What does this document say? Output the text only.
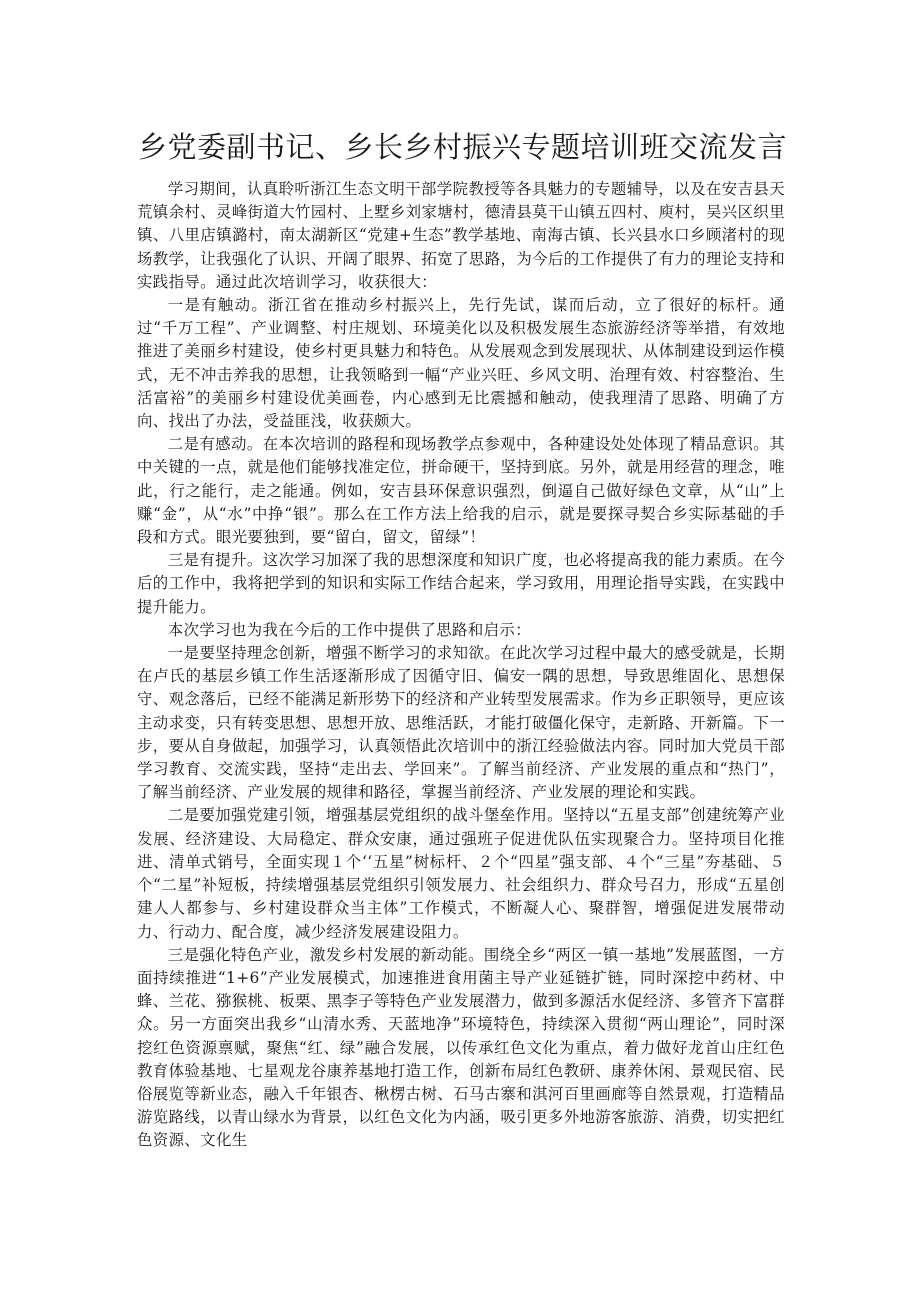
乡党委副书记、乡长乡村振兴专题培训班交流发言

学习期间，认真聆听浙江生态文明干部学院教授等各具魅力的专题辅导，以及在安吉县天荒镇余村、灵峰街道大竹园村、上墅乡刘家塘村，德清县莫干山镇五四村、庾村，吴兴区织里镇、八里店镇潞村，南太湖新区“党建+生态”教学基地、南海古镇、长兴县水口乡顾渚村的现场教学，让我强化了认识、开阔了眼界、拓宽了思路，为今后的工作提供了有力的理论支持和实践指导。通过此次培训学习，收获很大：

一是有触动。浙江省在推动乡村振兴上，先行先试，谋而后动，立了很好的标杆。通过“千万工程”、产业调整、村庄规划、环境美化以及积极发展生态旅游经济等举措，有效地推进了美丽乡村建设，使乡村更具魅力和特色。从发展观念到发展现状、从体制建设到运作模式，无不冲击养我的思想，让我领略到一幅“产业兴旺、乡风文明、治理有效、村容整治、生活富裕”的美丽乡村建设优美画卷，内心感到无比震撼和触动，使我理清了思路、明确了方向、找出了办法，受益匪浅，收获颇大。

二是有感动。在本次培训的路程和现场教学点参观中，各种建设处处体现了精品意识。其中关键的一点，就是他们能够找准定位，拼命硬干，坚持到底。另外，就是用经营的理念，唯此，行之能行，走之能通。例如，安吉县环保意识强烈，倒逼自己做好绿色文章，从“山”上赚“金”，从“水”中挣“银”。那么在工作方法上给我的启示，就是要探寻契合乡实际基础的手段和方式。眼光要独到，要“留白，留文，留绿”！

三是有提升。这次学习加深了我的思想深度和知识广度，也必将提高我的能力素质。在今后的工作中，我将把学到的知识和实际工作结合起来，学习致用，用理论指导实践，在实践中提升能力。

本次学习也为我在今后的工作中提供了思路和启示：

一是要坚持理念创新，增强不断学习的求知欲。在此次学习过程中最大的感受就是，长期在卢氏的基层乡镇工作生活逐渐形成了因循守旧、偏安一隅的思想，导致思维固化、思想保守、观念落后，已经不能满足新形势下的经济和产业转型发展需求。作为乡正职领导，更应该主动求变，只有转变思想、思想开放、思维活跃，才能打破僵化保守，走新路、开新篇。下一步，要从自身做起，加强学习，认真领悟此次培训中的浙江经验做法内容。同时加大党员干部学习教育、交流实践，坚持“走出去、学回来”。了解当前经济、产业发展的重点和“热门”，了解当前经济、产业发展的规律和路径，掌握当前经济、产业发展的理论和实践。

二是要加强党建引领，增强基层党组织的战斗堡垒作用。坚持以“五星支部”创建统筹产业发展、经济建设、大局稳定、群众安康，通过强班子促进优队伍实现聚合力。坚持项目化推进、清单式销号，全面实现１个‘‘五星”树标杆、２个“四星”强支部、４个“三星”夯基础、５个“二星”补短板，持续增强基层党组织引领发展力、社会组织力、群众号召力，形成“五星创建人人都参与、乡村建设群众当主体”工作模式，不断凝人心、聚群智，增强促进发展带动力、行动力、配合度，减少经济发展建设阻力。

三是强化特色产业，激发乡村发展的新动能。围绕全乡“两区一镇一基地”发展蓝图，一方面持续推进“1+6”产业发展模式，加速推进食用菌主导产业延链扩链，同时深挖中药材、中蜂、兰花、猕猴桃、板栗、黑李子等特色产业发展潜力，做到多源活水促经济、多管齐下富群众。另一方面突出我乡“山清水秀、天蓝地净”环境特色，持续深入贯彻“两山理论”，同时深挖红色资源禀赋，聚焦“红、绿”融合发展，以传承红色文化为重点，着力做好龙首山庄红色教育体验基地、七星观龙谷康养基地打造工作，创新布局红色教研、康养休闲、景观民宿、民俗展览等新业态，融入千年银杏、楸楞古树、石马古寨和淇河百里画廊等自然景观，打造精品游览路线，以青山绿水为背景，以红色文化为内涵，吸引更多外地游客旅游、消费，切实把红色资源、文化生
